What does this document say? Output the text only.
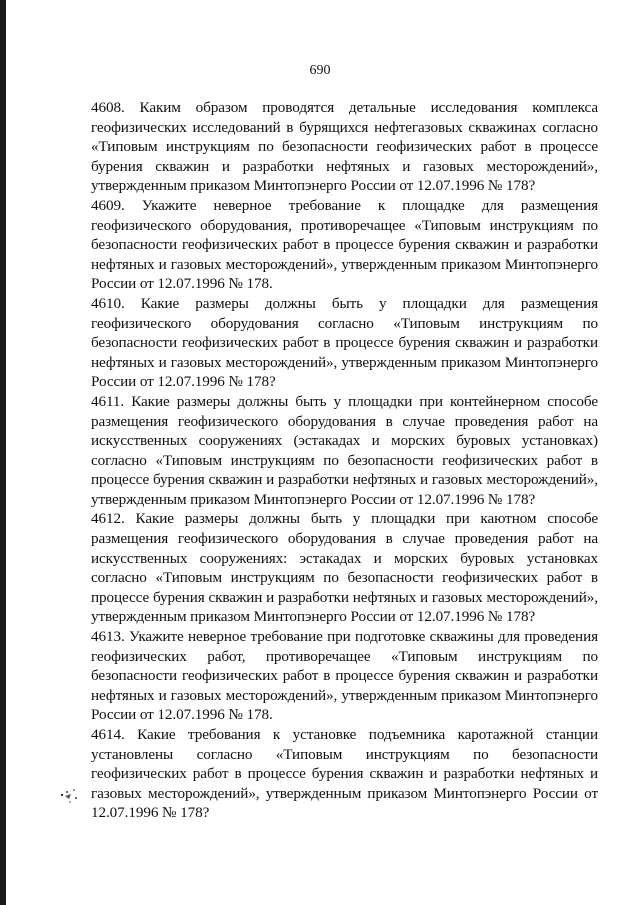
690

4608. Каким образом проводятся детальные исследования комплекса геофизических исследований в бурящихся нефтегазовых скважинах согласно «Типовым инструкциям по безопасности геофизических работ в процессе бурения скважин и разработки нефтяных и газовых месторождений», утвержденным приказом Минтопэнерго России от 12.07.1996 № 178?

4609. Укажите неверное требование к площадке для размещения геофизического оборудования, противоречащее «Типовым инструкциям по безопасности геофизических работ в процессе бурения скважин и разработки нефтяных и газовых месторождений», утвержденным приказом Минтопэнерго России от 12.07.1996 № 178.

4610. Какие размеры должны быть у площадки для размещения геофизического оборудования согласно «Типовым инструкциям по безопасности геофизических работ в процессе бурения скважин и разработки нефтяных и газовых месторождений», утвержденным приказом Минтопэнерго России от 12.07.1996 № 178?

4611. Какие размеры должны быть у площадки при контейнерном способе размещения геофизического оборудования в случае проведения работ на искусственных сооружениях (эстакадах и морских буровых установках) согласно «Типовым инструкциям по безопасности геофизических работ в процессе бурения скважин и разработки нефтяных и газовых месторождений», утвержденным приказом Минтопэнерго России от 12.07.1996 № 178?

4612. Какие размеры должны быть у площадки при каютном способе размещения геофизического оборудования в случае проведения работ на искусственных сооружениях: эстакадах и морских буровых установках согласно «Типовым инструкциям по безопасности геофизических работ в процессе бурения скважин и разработки нефтяных и газовых месторождений», утвержденным приказом Минтопэнерго России от 12.07.1996 № 178?

4613. Укажите неверное требование при подготовке скважины для проведения геофизических работ, противоречащее «Типовым инструкциям по безопасности геофизических работ в процессе бурения скважин и разработки нефтяных и газовых месторождений», утвержденным приказом Минтопэнерго России от 12.07.1996 № 178.

4614. Какие требования к установке подъемника каротажной станции установлены согласно «Типовым инструкциям по безопасности геофизических работ в процессе бурения скважин и разработки нефтяных и газовых месторождений», утвержденным приказом Минтопэнерго России от 12.07.1996 № 178?
